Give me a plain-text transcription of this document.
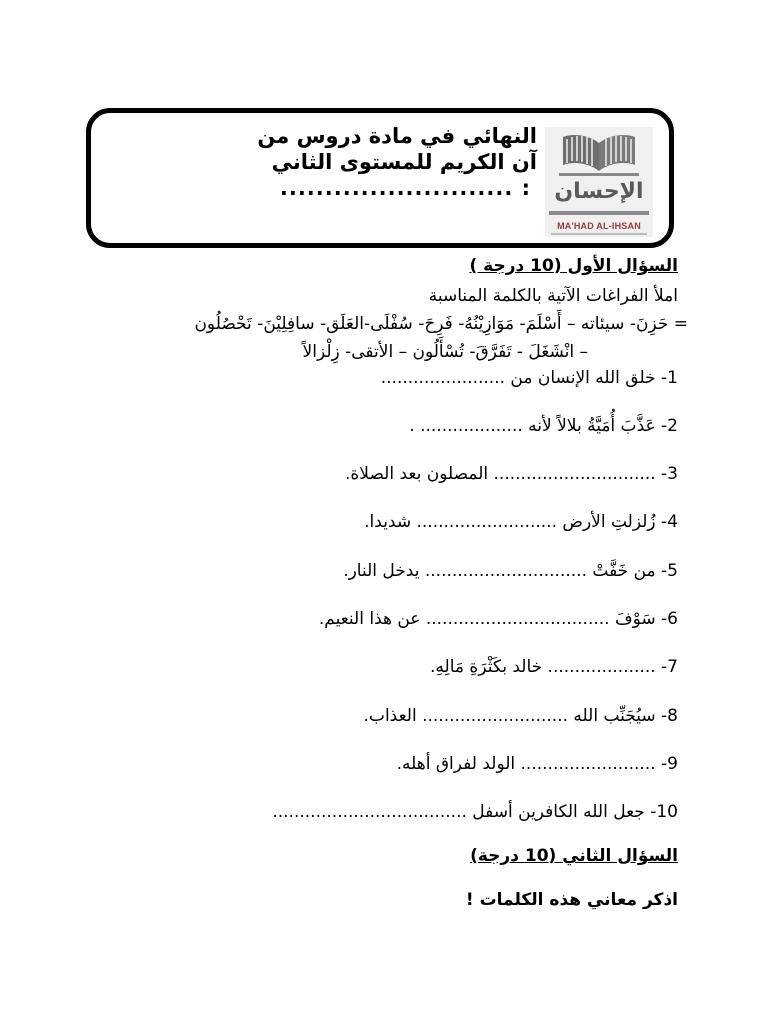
النهائي في مادة دروس من
آن الكريم للمستوى الثاني
: ..........................	الإحسان
MA'HAD AL-IHSAN
السؤال الأول (10 درجة )
املأ الفراغات الآتية بالكلمة المناسبة
= حَزِنَ- سيئاته – أَسْلَمَ- مَوَازِيْنُهُ- فَرِحَ- سُفْلَى-العَلَق- سافِلِيْنَ- تَحْصُلُون
– انْشَغَلَ - تَفَرَّقَ- تُسْأَلُون – الأتقى- زِلْزالاً
1- خلق الله الإنسان من .......................
2- عَذَّبَ أُمَيَّةُ بلالاً لأنه ................... .
3- .............................. المصلون بعد الصلاة.
4- زُلزلتِ الأرض .......................... شديدا.
5- من خَفَّتْ .............................. يدخل النار.
6- سَوْفَ .................................. عن هذا النعيم.
7- .................... خالد بكَثْرَةِ مَالِهِ.
8- سيُجَنِّب الله ........................... العذاب.
9- ......................... الولد لفراق أهله.
10- جعل الله الكافرين أسفل ....................................
السؤال الثاني (10 درجة)
اذكر معاني هذه الكلمات !
